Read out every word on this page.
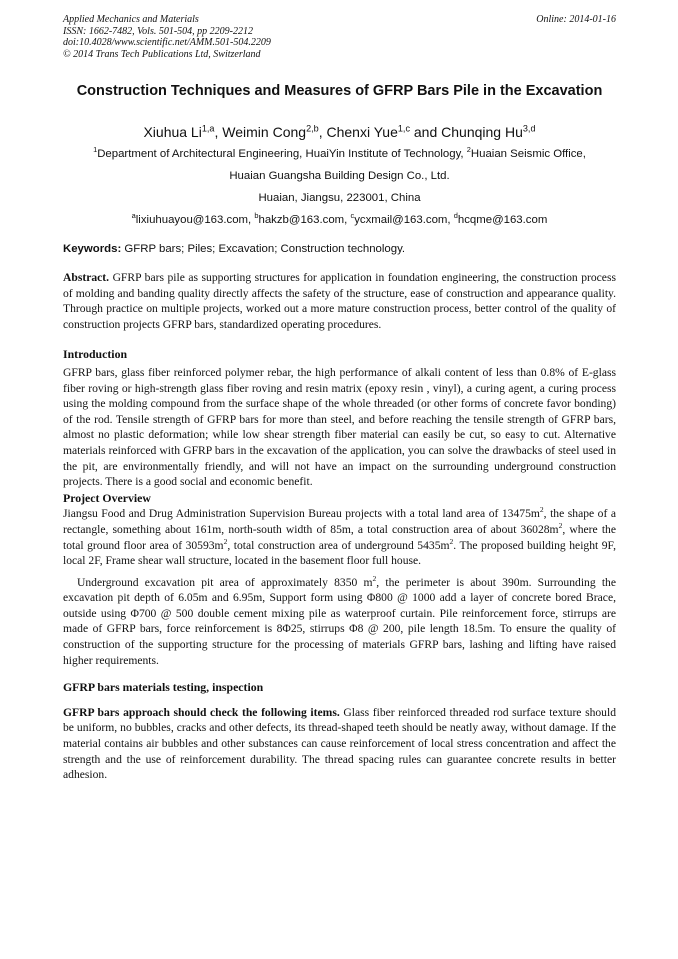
Applied Mechanics and Materials
ISSN: 1662-7482, Vols. 501-504, pp 2209-2212
doi:10.4028/www.scientific.net/AMM.501-504.2209
© 2014 Trans Tech Publications Ltd, Switzerland
Online: 2014-01-16
Construction Techniques and Measures of GFRP Bars Pile in the Excavation
Xiuhua Li$^{1,a}$, Weimin Cong$^{2,b}$, Chenxi Yue$^{1,c}$ and Chunqing Hu$^{3,d}$
$^1$Department of Architectural Engineering, HuaiYin Institute of Technology, $^2$Huaian Seismic Office,
Huaian Guangsha Building Design Co., Ltd.
Huaian, Jiangsu, 223001, China
$^a$lixiuhuayou@163.com, $^b$hakzb@163.com, $^c$ycxmail@163.com, $^d$hcqme@163.com
Keywords: GFRP bars; Piles; Excavation; Construction technology.

Abstract. GFRP bars pile as supporting structures for application in foundation engineering, the construction process of molding and banding quality directly affects the safety of the structure, ease of construction and appearance quality. Through practice on multiple projects, worked out a more mature construction process, better control of the quality of construction projects GFRP bars, standardized operating procedures.

Introduction

GFRP bars, glass fiber reinforced polymer rebar, the high performance of alkali content of less than 0.8% of E-glass fiber roving or high-strength glass fiber roving and resin matrix (epoxy resin , vinyl), a curing agent, a curing process using the molding compound from the surface shape of the whole threaded (or other forms of concrete favor bonding) of the rod. Tensile strength of GFRP bars for more than steel, and before reaching the tensile strength of GFRP bars, almost no plastic deformation; while low shear strength fiber material can easily be cut, so easy to cut. Alternative materials reinforced with GFRP bars in the excavation of the application, you can solve the drawbacks of steel used in the pit, are environmentally friendly, and will not have an impact on the surrounding underground construction projects. There is a good social and economic benefit.

Project Overview

Jiangsu Food and Drug Administration Supervision Bureau projects with a total land area of $13475m^2$, the shape of a rectangle, something about 161m, north-south width of 85m, a total construction area of about $36028m^2$, where the total ground floor area of $30593m^2$, total construction area of underground $5435m^2$. The proposed building height 9F, local 2F, Frame shear wall structure, located in the basement floor full house.

Underground excavation pit area of approximately 8350 $m^2$, the perimeter is about 390m. Surrounding the excavation pit depth of 6.05m and 6.95m, Support form using Φ800 @ 1000 add a layer of concrete bored Brace, outside using Φ700 @ 500 double cement mixing pile as waterproof curtain. Pile reinforcement force, stirrups are made of GFRP bars, force reinforcement is 8Φ25, stirrups Φ8 @ 200, pile length 18.5m. To ensure the quality of construction of the supporting structure for the processing of materials GFRP bars, lashing and lifting have raised higher requirements.

GFRP bars materials testing, inspection

GFRP bars approach should check the following items. Glass fiber reinforced threaded rod surface texture should be uniform, no bubbles, cracks and other defects, its thread-shaped teeth should be neatly away, without damage. If the material contains air bubbles and other substances can cause reinforcement of local stress concentration and affect the strength and the use of reinforcement durability. The thread spacing rules can guarantee concrete results in better adhesion.
